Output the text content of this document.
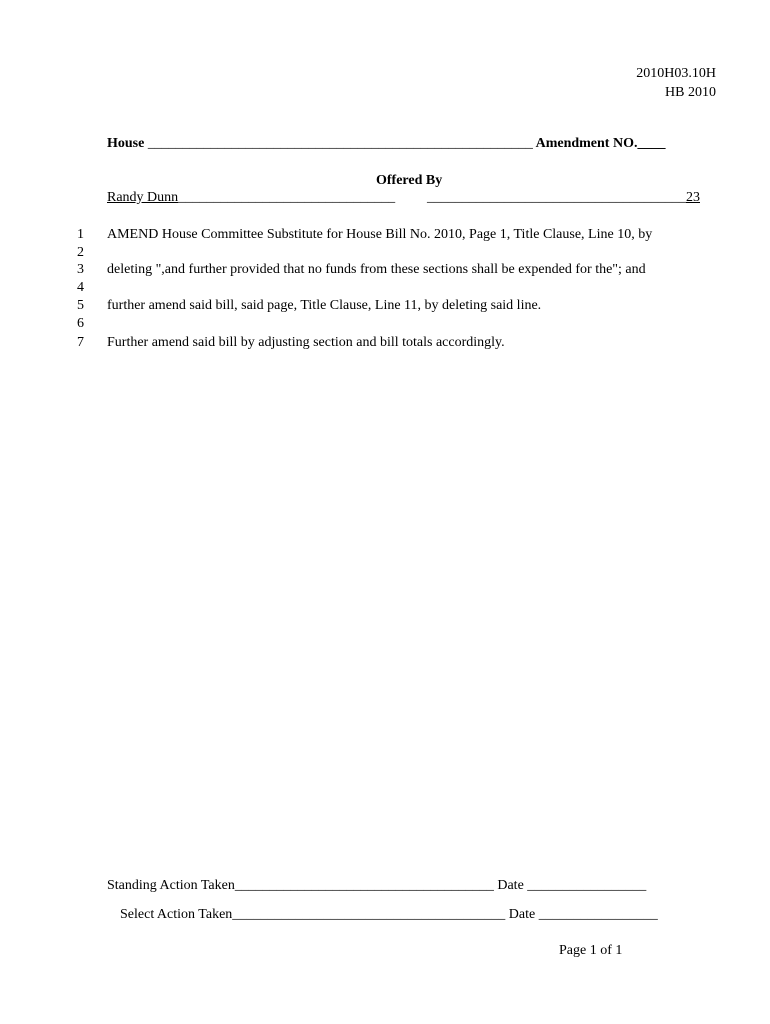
2010H03.10H
HB 2010
House _______________________________________________________ Amendment NO.____
Offered By
Randy Dunn_______________________________ _____________________________________23
1
2
3
4
5
6
7
AMEND House Committee Substitute for House Bill No. 2010, Page 1, Title Clause, Line 10, by
deleting ",and further provided that no funds from these sections shall be expended for the"; and
further amend said bill, said page, Title Clause, Line 11, by deleting said line.
Further amend said bill by adjusting section and bill totals accordingly.
Standing Action Taken_____________________________________ Date _________________
Select Action Taken_______________________________________ Date _________________
Page 1 of 1
